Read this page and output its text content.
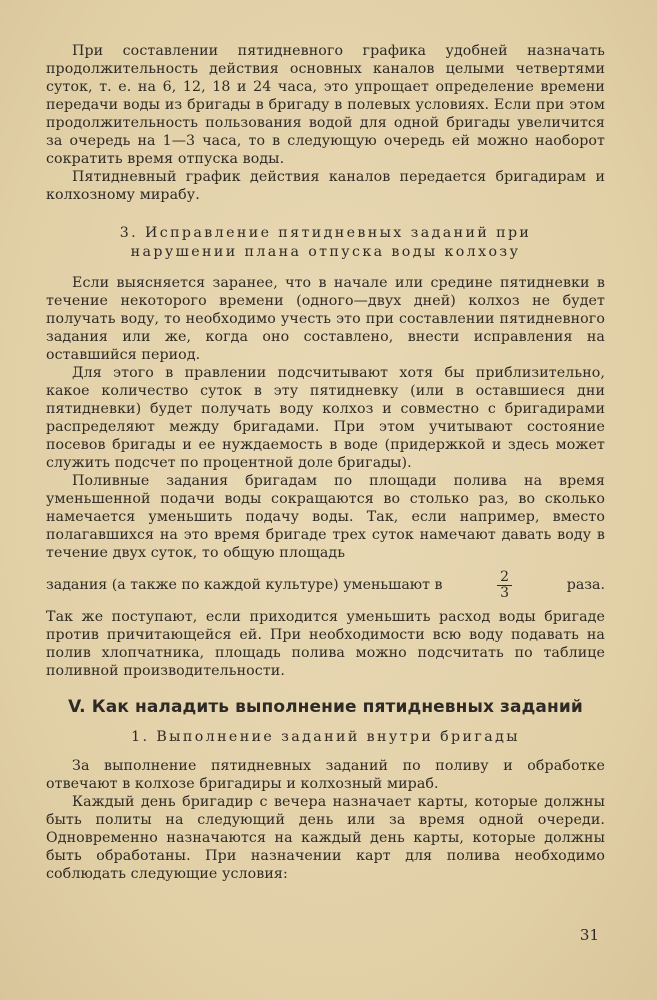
При составлении пятидневного графика удобней назначать продолжительность действия основных каналов целыми четвертями суток, т. е. на 6, 12, 18 и 24 часа, это упрощает определение времени передачи воды из бригады в бригаду в полевых условиях. Если при этом продолжительность пользования водой для одной бригады увеличится за очередь на 1—3 часа, то в следующую очередь ей можно наоборот сократить время отпуска воды.

Пятидневный график действия каналов передается бригадирам и колхозному мирабу.

3. Исправление пятидневных заданий при
нарушении плана отпуска воды колхозу

Если выясняется заранее, что в начале или средине пятидневки в течение некоторого времени (одного—двух дней) колхоз не будет получать воду, то необходимо учесть это при составлении пятидневного задания или же, когда оно составлено, внести исправления на оставшийся период.

Для этого в правлении подсчитывают хотя бы приблизительно, какое количество суток в эту пятидневку (или в оставшиеся дни пятидневки) будет получать воду колхоз и совместно с бригадирами распределяют между бригадами. При этом учитывают состояние посевов бригады и ее нуждаемость в воде (придержкой и здесь может служить подсчет по процентной доле бригады).

Поливные задания бригадам по площади полива на время уменьшенной подачи воды сокращаются во столько раз, во сколько намечается уменьшить подачу воды. Так, если например, вместо полагавшихся на это время бригаде трех суток намечают давать воду в течение двух суток, то общую площадь

задания (а также по каждой культуре) уменьшают в	$\frac{2}{3}$	раза.

Так же поступают, если приходится уменьшить расход воды бригаде против причитающейся ей. При необходимости всю воду подавать на полив хлопчатника, площадь полива можно подсчитать по таблице поливной производительности.

V. Как наладить выполнение пятидневных заданий
1. Выполнение заданий внутри бригады

За выполнение пятидневных заданий по поливу и обработке отвечают в колхозе бригадиры и колхозный мираб.

Каждый день бригадир с вечера назначает карты, которые должны быть политы на следующий день или за время одной очереди. Одновременно назначаются на каждый день карты, которые должны быть обработаны. При назначении карт для полива необходимо соблюдать следующие условия:

31
